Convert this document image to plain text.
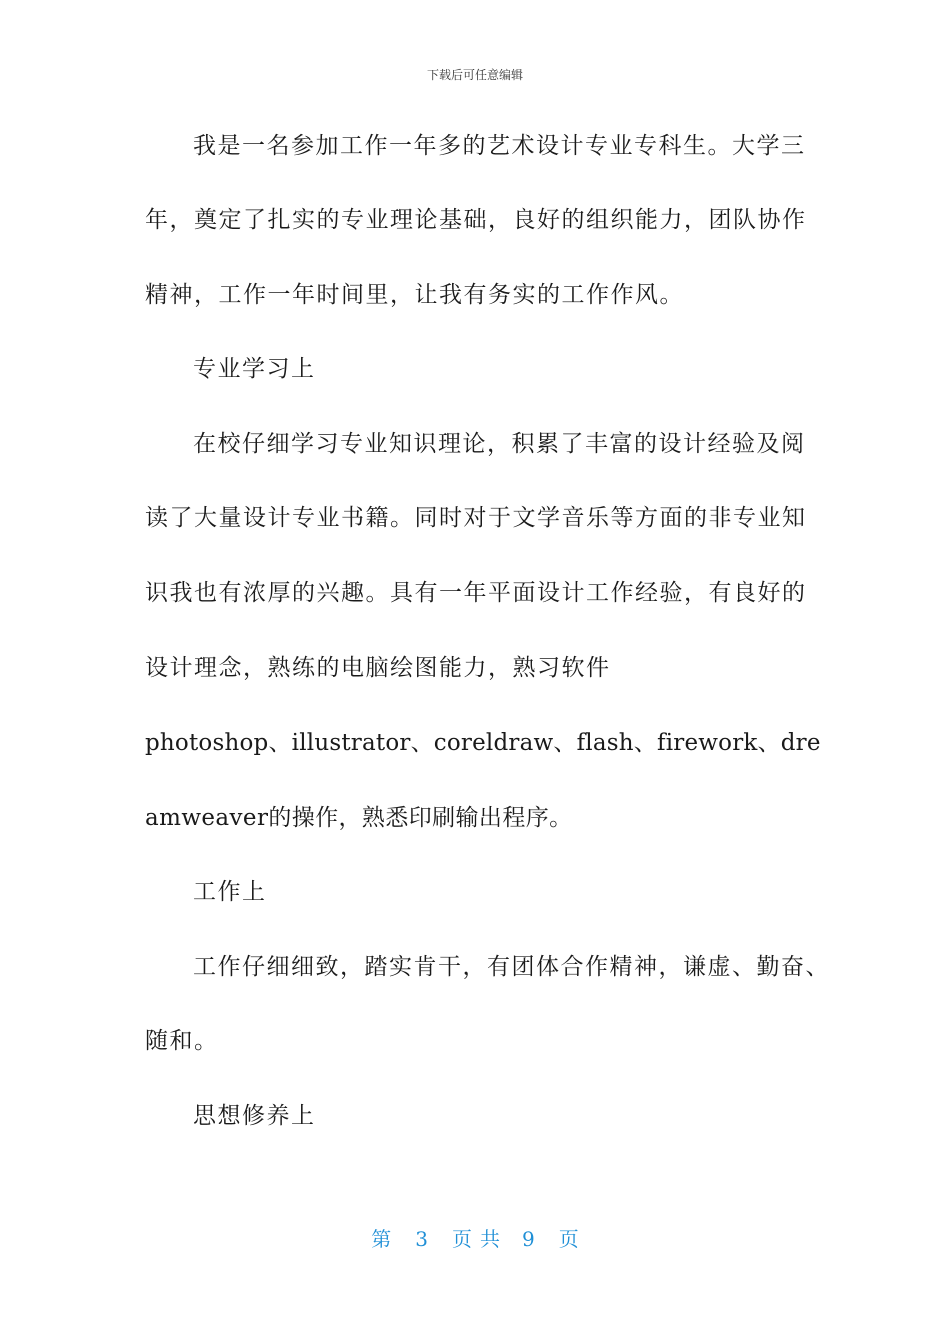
下载后可任意编辑
我是一名参加工作一年多的艺术设计专业专科生。大学三
年，奠定了扎实的专业理论基础，良好的组织能力，团队协作
精神，工作一年时间里，让我有务实的工作作风。
专业学习上
在校仔细学习专业知识理论，积累了丰富的设计经验及阅
读了大量设计专业书籍。同时对于文学音乐等方面的非专业知
识我也有浓厚的兴趣。具有一年平面设计工作经验，有良好的
设计理念，熟练的电脑绘图能力，熟习软件
photoshop、illustrator、coreldraw、flash、firework、dre
amweaver的操作，熟悉印刷输出程序。
工作上
工作仔细细致，踏实肯干，有团体合作精神，谦虚、勤奋、
随和。
思想修养上
第 3 页共 9 页
